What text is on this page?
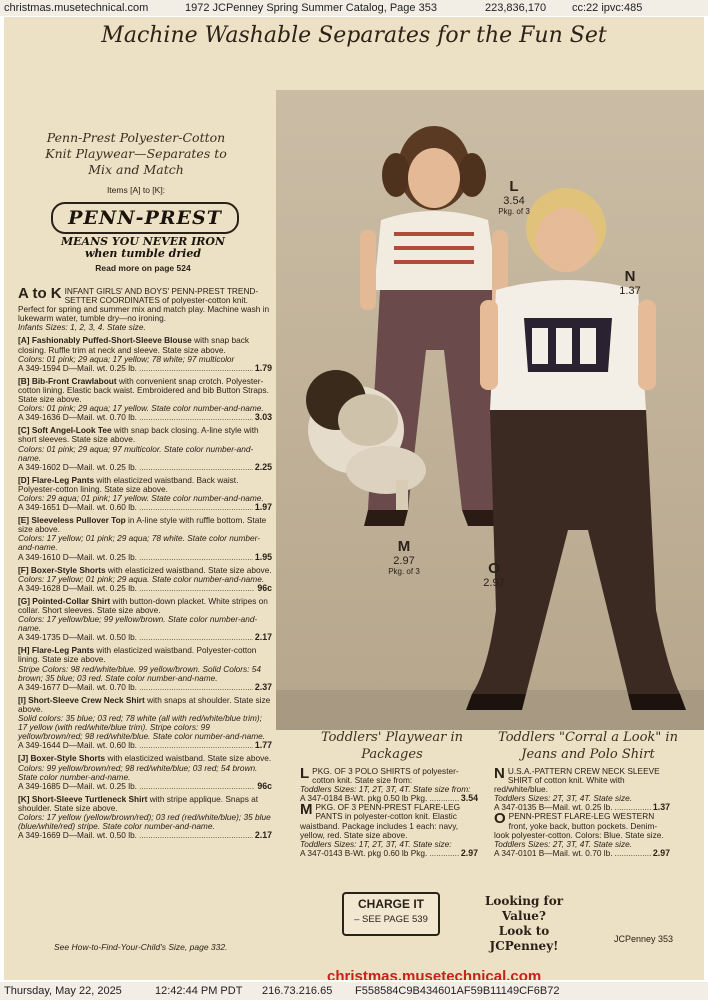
christmas.musetechnical.com	1972 JCPenney Spring Summer Catalog, Page 353	223,836,170 cc:22 ipvc:485
Machine Washable Separates for the Fun Set
Penn-Prest Polyester-Cotton Knit Playwear—Separates to Mix and Match
Items [A] to [K]:
PENN-PREST
MEANS YOU NEVER IRON
when tumble dried
Read more on page 524

A to K INFANT GIRLS' AND BOYS' PENN-PREST TREND-SETTER COORDINATES of polyester-cotton knit. Perfect for spring and summer mix and match play. Machine wash in lukewarm water, tumble dry—no ironing.

Infants Sizes: 1, 2, 3, 4. State size.

[A] Fashionably Puffed-Short-Sleeve Blouse with snap back closing. Ruffle trim at neck and sleeve. State size above.

Colors: 01 pink; 29 aqua; 17 yellow; 78 white; 97 multicolor

A 349-1594 D—Mail. wt. 0.25 lb. .....	1.79

[B] Bib-Front Crawlabout with convenient snap crotch. Polyester-cotton lining. Elastic back waist. Embroidered and bib Button Straps. State size above.

Colors: 01 pink; 29 aqua; 17 yellow. State color number-and-name.

A 349-1636 D—Mail. wt. 0.70 lb. .....	3.03

[C] Soft Angel-Look Tee with snap back closing. A-line style with short sleeves. State size above.

Colors: 01 pink; 29 aqua; 97 multicolor. State color number-and-name.

A 349-1602 D—Mail. wt. 0.25 lb. .....	2.25

[D] Flare-Leg Pants with elasticized waistband. Back waist. Polyester-cotton lining. State size above.

Colors: 29 aqua; 01 pink; 17 yellow. State color number-and-name.

A 349-1651 D—Mail. wt. 0.60 lb. .....	1.97

[E] Sleeveless Pullover Top in A-line style with ruffle bottom. State size above.

Colors: 17 yellow; 01 pink; 29 aqua; 78 white. State color number-and-name.

A 349-1610 D—Mail. wt. 0.25 lb. .....	1.95

[F] Boxer-Style Shorts with elasticized waistband. State size above.

Colors: 17 yellow; 01 pink; 29 aqua. State color number-and-name.

A 349-1628 D—Mail. wt. 0.25 lb. .....	96c

[G] Pointed-Collar Shirt with button-down placket. White stripes on collar. Short sleeves. State size above.

Colors: 17 yellow/blue; 99 yellow/brown. State color number-and-name.

A 349-1735 D—Mail. wt. 0.50 lb. .....	2.17

[H] Flare-Leg Pants with elasticized waistband. Polyester-cotton lining. State size above.

Stripe Colors: 98 red/white/blue. 99 yellow/brown. Solid Colors: 54 brown; 35 blue; 03 red. State color number-and-name.

A 349-1677 D—Mail. wt. 0.70 lb. .....	2.37

[I] Short-Sleeve Crew Neck Shirt with snaps at shoulder. State size above.

Solid colors: 35 blue; 03 red; 78 white (all with red/white/blue trim); 17 yellow (with red/white/blue trim). Stripe colors: 99 yellow/brown/red; 98 red/white/blue. State color number-and-name.

A 349-1644 D—Mail. wt. 0.60 lb. .....	1.77

[J] Boxer-Style Shorts with elasticized waistband. State size above.

Colors: 99 yellow/brown/red; 98 red/white/blue; 03 red; 54 brown. State color number-and-name.

A 349-1685 D—Mail. wt. 0.25 lb. .....	96c

[K] Short-Sleeve Turtleneck Shirt with stripe applique. Snaps at shoulder. State size above.

Colors: 17 yellow (yellow/brown/red); 03 red (red/white/blue); 35 blue (blue/white/red) stripe. State color number-and-name.

A 349-1669 D—Mail. wt. 0.50 lb. .....	2.17
See How-to-Find-Your-Child's Size, page 332.
L
3.54
Pkg. of 3
N
1.37
M
2.97
Pkg. of 3	O
2.97
Toddlers' Playwear in Packages

LPKG. OF 3 POLO SHIRTS of polyester-cotton knit. State size from:

Toddlers Sizes: 1T, 2T, 3T, 4T. State size from:

A 347-0184 B-Wt. pkg 0.50 lb Pkg. .....	3.54

MPKG. OF 3 PENN-PREST FLARE-LEG PANTS in polyester-cotton knit. Elastic waistband. Package includes 1 each: navy, yellow, red. State size above.

Toddlers Sizes: 1T, 2T, 3T, 4T. State size:

A 347-0143 B-Wt. pkg 0.60 lb Pkg. .....	2.97
Toddlers "Corral a Look" in Jeans and Polo Shirt

N U.S.A.-PATTERN CREW NECK SLEEVE SHIRT of cotton knit. White with red/white/blue.

Toddlers Sizes: 2T, 3T, 4T. State size.

A 347-0135 B—Mail. wt. 0.25 lb. .....	1.37

OPENN-PREST FLARE-LEG WESTERN front, yoke back, button pockets. Denim-look polyester-cotton. Colors: Blue. State size.

Toddlers Sizes: 2T, 3T, 4T. State size.

A 347-0101 B—Mail. wt. 0.70 lb. .....	2.97
CHARGE IT
– SEE PAGE 539
Looking for Value?
Look to JCPenney!	JCPenney 353
christmas.musetechnical.com
Thursday, May 22, 2025	12:42:44 PM PDT 216.73.216.65 F558584C9B434601AF59B11149CF6B72
